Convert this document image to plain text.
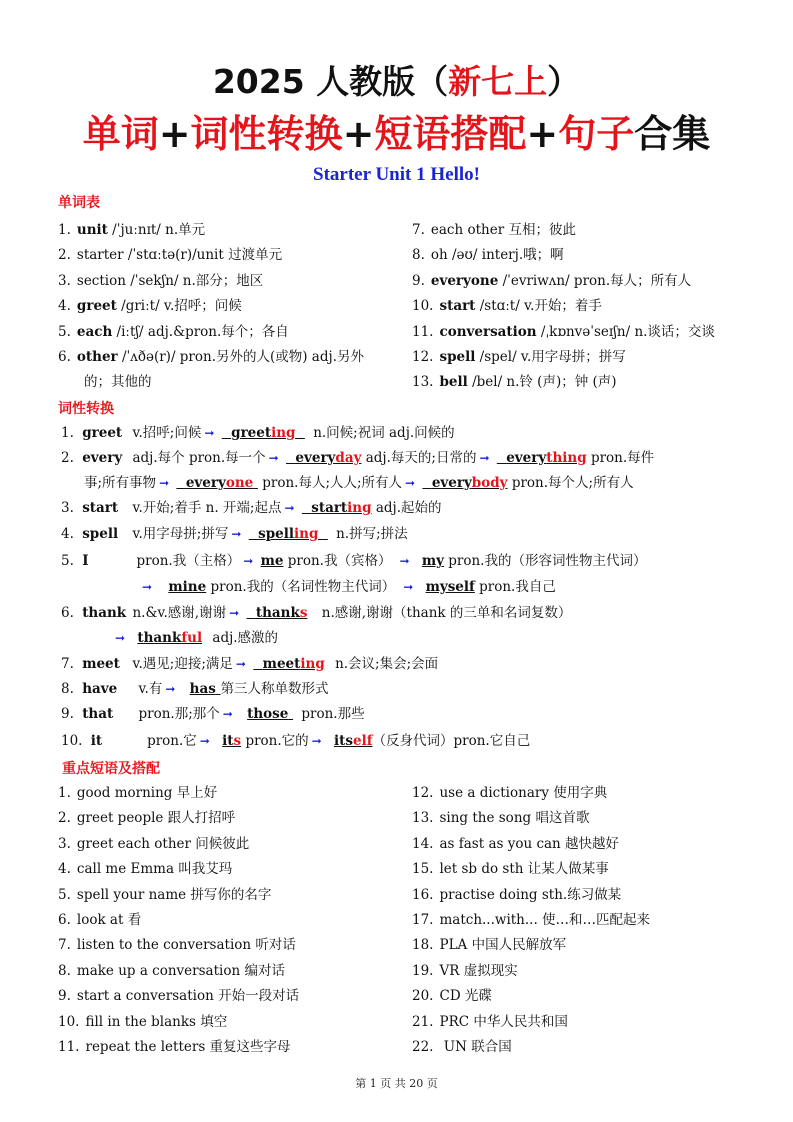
2025 人教版（新七上）
单词+词性转换+短语搭配+句子合集
Starter Unit 1 Hello!
单词表
1. unit /ˈjuːnɪt/ n.单元
2. starter /ˈstɑːtə(r)/unit 过渡单元
3. section /ˈsekʃn/ n.部分；地区
4. greet /griːt/ v.招呼；问候
5. each /iːtʃ/ adj.&pron.每个；各自
6. other /ˈʌðə(r)/ pron.另外的人(或物) adj.另外
的；其他的
7. each other 互相；彼此
8. oh /əʊ/ interj.哦；啊
9. everyone /ˈevriwʌn/ pron.每人；所有人
10. start /stɑːt/ v.开始；着手
11. conversation /ˌkɒnvəˈseɪʃn/ n.谈话；交谈
12. spell /spel/ v.用字母拼；拼写
13. bell /bel/ n.铃 (声)；钟 (声)
词性转换
1. greet v.招呼;问候 ➞ greeting n.问候;祝词 adj.问候的
2. every adj.每个 pron.每一个 ➞ everyday adj.每天的;日常的 ➞ everything pron.每件
事;所有事物 ➞ everyone pron.每人;人人;所有人 ➞ everybody pron.每个人;所有人
3. start v.开始;着手 n. 开端;起点 ➞ starting adj.起始的
4. spell v.用字母拼;拼写 ➞ spelling n.拼写;拼法
5. I	pron.我（主格） ➞ me pron.我（宾格） ➞ my pron.我的（形容词性物主代词）
➞ mine pron.我的（名词性物主代词） ➞ myself pron.我自己
6. thank n.&v.感谢,谢谢 ➞ thanks n.感谢,谢谢（thank 的三单和名词复数）
➞ thankful adj.感激的
7. meet v.遇见;迎接;满足 ➞ meeting n.会议;集会;会面
8. have v.有 ➞ has 第三人称单数形式
9. that pron.那;那个 ➞ those pron.那些
10. it	pron.它 ➞ its pron.它的 ➞ itself（反身代词）pron.它自己
重点短语及搭配
1. good morning 早上好
2. greet people 跟人打招呼
3. greet each other 问候彼此
4. call me Emma 叫我艾玛
5. spell your name 拼写你的名字
6. look at 看
7. listen to the conversation 听对话
8. make up a conversation 编对话
9. start a conversation 开始一段对话
10. fill in the blanks 填空
11. repeat the letters 重复这些字母
12. use a dictionary 使用字典
13. sing the song 唱这首歌
14. as fast as you can 越快越好
15. let sb do sth 让某人做某事
16. practise doing sth.练习做某
17. match...with... 使…和…匹配起来
18. PLA 中国人民解放军
19. VR 虚拟现实
20. CD 光碟
21. PRC 中华人民共和国
22. UN 联合国
第 1 页 共 20 页
